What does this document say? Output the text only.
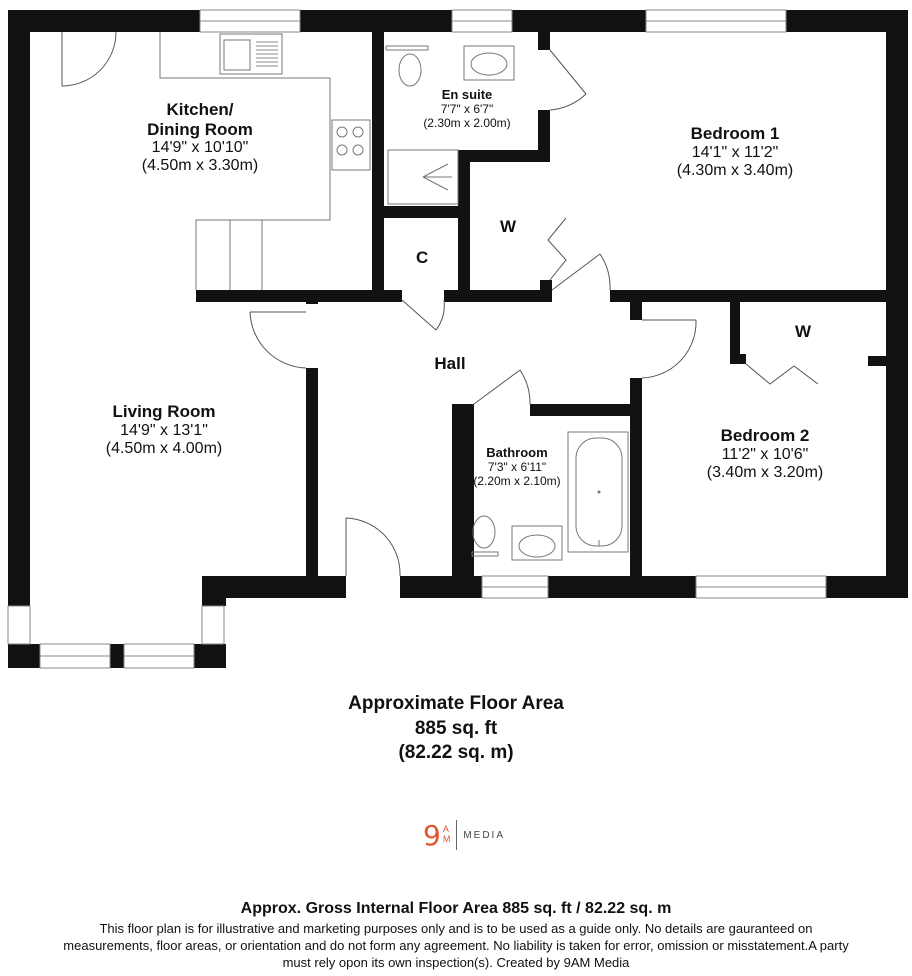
Kitchen/
Dining Room
14'9" x 10'10"
(4.50m x 3.30m)
En suite
7'7" x 6'7"
(2.30m x 2.00m)
Bedroom 1
14'1" x 11'2"
(4.30m x 3.40m)
Living Room
14'9" x 13'1"
(4.50m x 4.00m)
Hall
Bathroom
7'3" x 6'11"
(2.20m x 2.10m)
Bedroom 2
11'2" x 10'6"
(3.40m x 3.20m)
C
W
W
Approximate Floor Area
885 sq. ft
(82.22 sq. m)
9 A
M MEDIA
Approx. Gross Internal Floor Area 885 sq. ft / 82.22 sq. m
This floor plan is for illustrative and marketing purposes only and is to be used as a guide only. No details are gauranteed on measurements, floor areas, or orientation and do not form any agreement. No liability is taken for error, omission or misstatement.A party must rely opon its own inspection(s). Created by 9AM Media
